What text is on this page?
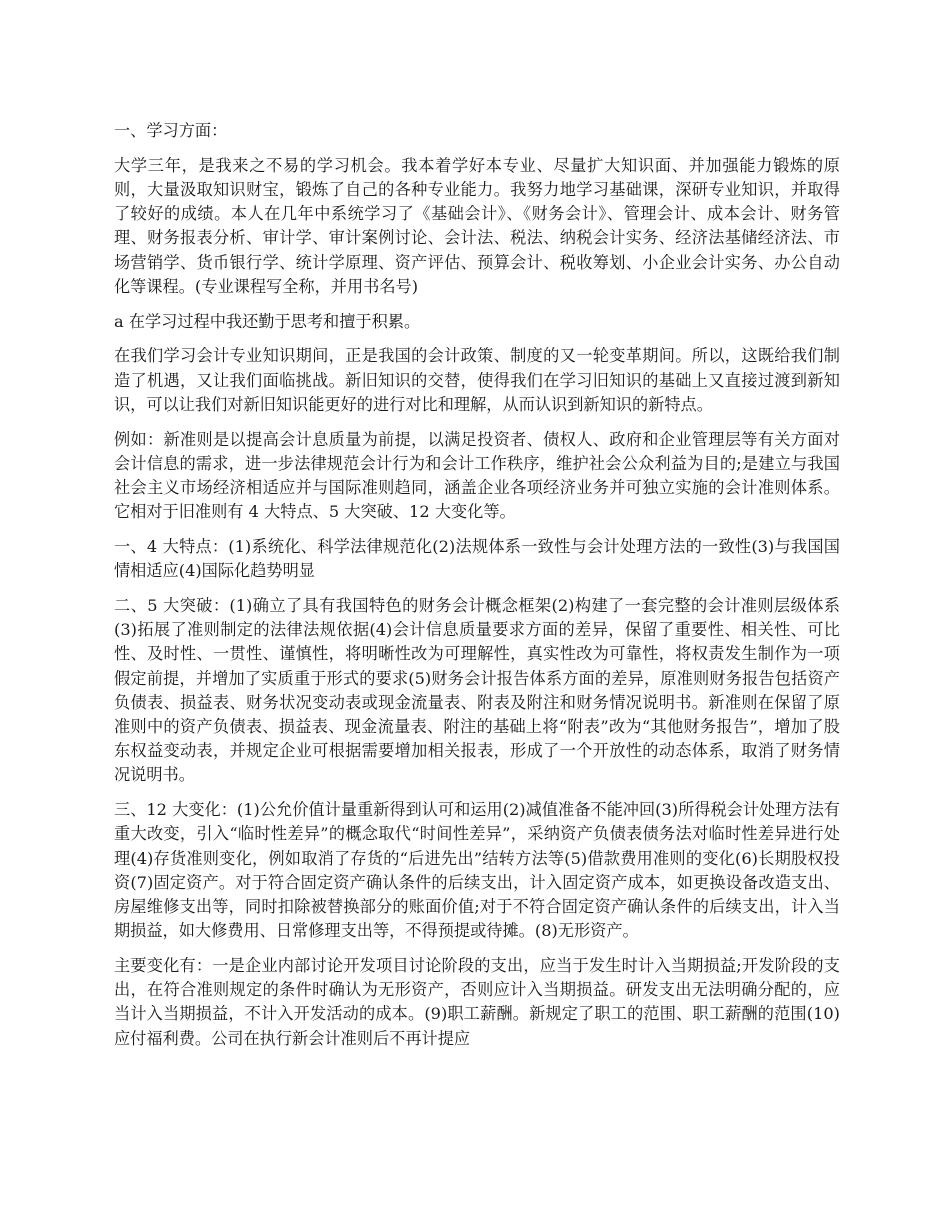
一、学习方面：

大学三年，是我来之不易的学习机会。我本着学好本专业、尽量扩大知识面、并加强能力锻炼的原则，大量汲取知识财宝，锻炼了自己的各种专业能力。我努力地学习基础课，深研专业知识，并取得了较好的成绩。本人在几年中系统学习了《基础会计》、《财务会计》、管理会计、成本会计、财务管理、财务报表分析、审计学、审计案例讨论、会计法、税法、纳税会计实务、经济法基储经济法、市场营销学、货币银行学、统计学原理、资产评估、预算会计、税收筹划、小企业会计实务、办公自动化等课程。(专业课程写全称，并用书名号)

a 在学习过程中我还勤于思考和擅于积累。

在我们学习会计专业知识期间，正是我国的会计政策、制度的又一轮变革期间。所以，这既给我们制造了机遇，又让我们面临挑战。新旧知识的交替，使得我们在学习旧知识的基础上又直接过渡到新知识，可以让我们对新旧知识能更好的进行对比和理解，从而认识到新知识的新特点。

例如：新准则是以提高会计息质量为前提，以满足投资者、债权人、政府和企业管理层等有关方面对会计信息的需求，进一步法律规范会计行为和会计工作秩序，维护社会公众利益为目的;是建立与我国社会主义市场经济相适应并与国际准则趋同，涵盖企业各项经济业务并可独立实施的会计准则体系。它相对于旧准则有 4 大特点、5 大突破、12 大变化等。

一、4 大特点：(1)系统化、科学法律规范化(2)法规体系一致性与会计处理方法的一致性(3)与我国国情相适应(4)国际化趋势明显

二、5 大突破：(1)确立了具有我国特色的财务会计概念框架(2)构建了一套完整的会计准则层级体系(3)拓展了准则制定的法律法规依据(4)会计信息质量要求方面的差异，保留了重要性、相关性、可比性、及时性、一贯性、谨慎性，将明晰性改为可理解性，真实性改为可靠性，将权责发生制作为一项假定前提，并增加了实质重于形式的要求(5)财务会计报告体系方面的差异，原准则财务报告包括资产负债表、损益表、财务状况变动表或现金流量表、附表及附注和财务情况说明书。新准则在保留了原准则中的资产负债表、损益表、现金流量表、附注的基础上将“附表”改为“其他财务报告”，增加了股东权益变动表，并规定企业可根据需要增加相关报表，形成了一个开放性的动态体系，取消了财务情况说明书。

三、12 大变化：(1)公允价值计量重新得到认可和运用(2)减值准备不能冲回(3)所得税会计处理方法有重大改变，引入“临时性差异”的概念取代“时间性差异”，采纳资产负债表债务法对临时性差异进行处理(4)存货准则变化，例如取消了存货的“后进先出”结转方法等(5)借款费用准则的变化(6)长期股权投资(7)固定资产。对于符合固定资产确认条件的后续支出，计入固定资产成本，如更换设备改造支出、房屋维修支出等，同时扣除被替换部分的账面价值;对于不符合固定资产确认条件的后续支出，计入当期损益，如大修费用、日常修理支出等，不得预提或待摊。(8)无形资产。

主要变化有：一是企业内部讨论开发项目讨论阶段的支出，应当于发生时计入当期损益;开发阶段的支出，在符合准则规定的条件时确认为无形资产，否则应计入当期损益。研发支出无法明确分配的，应当计入当期损益，不计入开发活动的成本。(9)职工薪酬。新规定了职工的范围、职工薪酬的范围(10)应付福利费。公司在执行新会计准则后不再计提应
